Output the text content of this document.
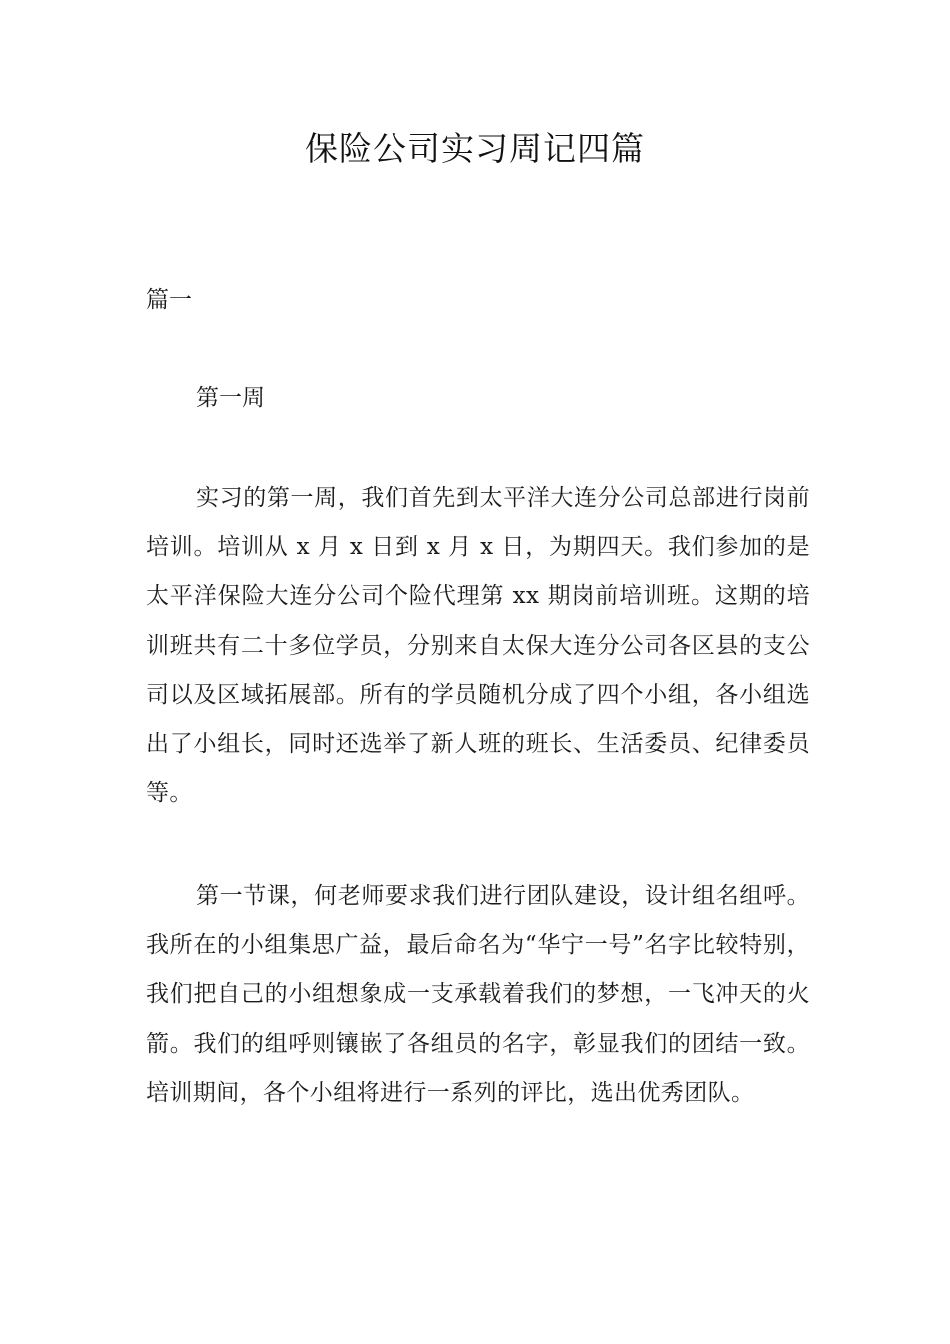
保险公司实习周记四篇
篇一
第一周

实习的第一周，我们首先到太平洋大连分公司总部进行岗前培训。培训从 x 月 x 日到 x 月 x 日，为期四天。我们参加的是太平洋保险大连分公司个险代理第 xx 期岗前培训班。这期的培训班共有二十多位学员，分别来自太保大连分公司各区县的支公司以及区域拓展部。所有的学员随机分成了四个小组，各小组选出了小组长，同时还选举了新人班的班长、生活委员、纪律委员等。

第一节课，何老师要求我们进行团队建设，设计组名组呼。我所在的小组集思广益，最后命名为“华宁一号”名字比较特别，我们把自己的小组想象成一支承载着我们的梦想，一飞冲天的火箭。我们的组呼则镶嵌了各组员的名字，彰显我们的团结一致。培训期间，各个小组将进行一系列的评比，选出优秀团队。
